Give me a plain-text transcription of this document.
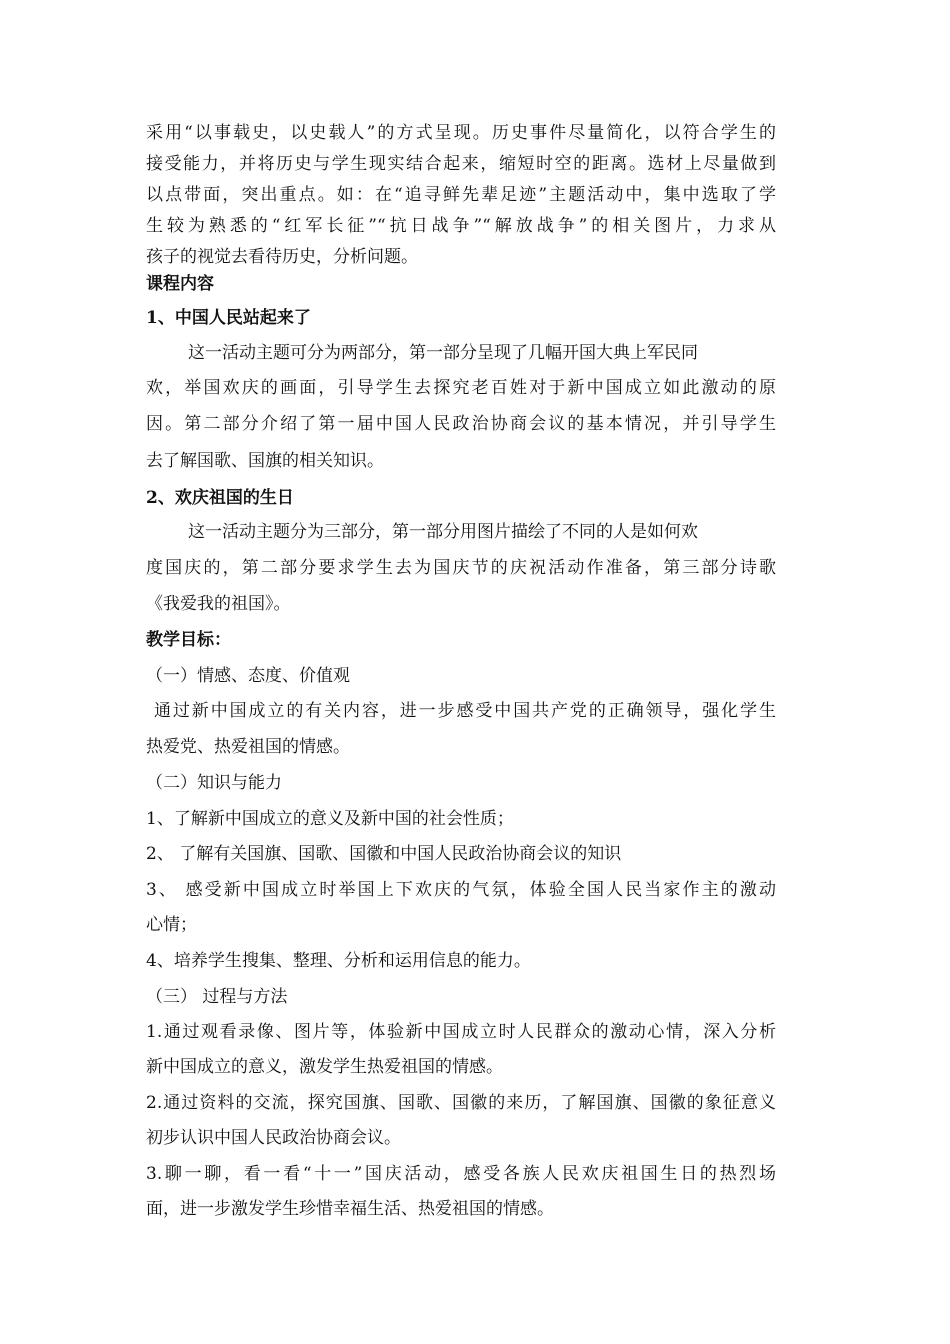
采用“以事载史，以史载人”的方式呈现。历史事件尽量简化，以符合学生的
接受能力，并将历史与学生现实结合起来，缩短时空的距离。选材上尽量做到
以点带面，突出重点。如：在“追寻鲜先辈足迹”主题活动中，集中选取了学
生较为熟悉的“红军长征”“抗日战争”“解放战争”的相关图片，力求从
孩子的视觉去看待历史，分析问题。
课程内容
1、中国人民站起来了
这一活动主题可分为两部分，第一部分呈现了几幅开国大典上军民同
欢，举国欢庆的画面，引导学生去探究老百姓对于新中国成立如此激动的原
因。第二部分介绍了第一届中国人民政治协商会议的基本情况，并引导学生
去了解国歌、国旗的相关知识。
2、欢庆祖国的生日
这一活动主题分为三部分，第一部分用图片描绘了不同的人是如何欢
度国庆的，第二部分要求学生去为国庆节的庆祝活动作准备，第三部分诗歌
《我爱我的祖国》。
教学目标：
（一）情感、态度、价值观
通过新中国成立的有关内容，进一步感受中国共产党的正确领导，强化学生
热爱党、热爱祖国的情感。
（二）知识与能力
1、了解新中国成立的意义及新中国的社会性质；
2、 了解有关国旗、国歌、国徽和中国人民政治协商会议的知识
3、 感受新中国成立时举国上下欢庆的气氛，体验全国人民当家作主的激动
心情；
4、培养学生搜集、整理、分析和运用信息的能力。
（三） 过程与方法
1.通过观看录像、图片等，体验新中国成立时人民群众的激动心情，深入分析
新中国成立的意义，激发学生热爱祖国的情感。
2.通过资料的交流，探究国旗、国歌、国徽的来历，了解国旗、国徽的象征意义
初步认识中国人民政治协商会议。
3.聊一聊，看一看“十一”国庆活动，感受各族人民欢庆祖国生日的热烈场
面，进一步激发学生珍惜幸福生活、热爱祖国的情感。
